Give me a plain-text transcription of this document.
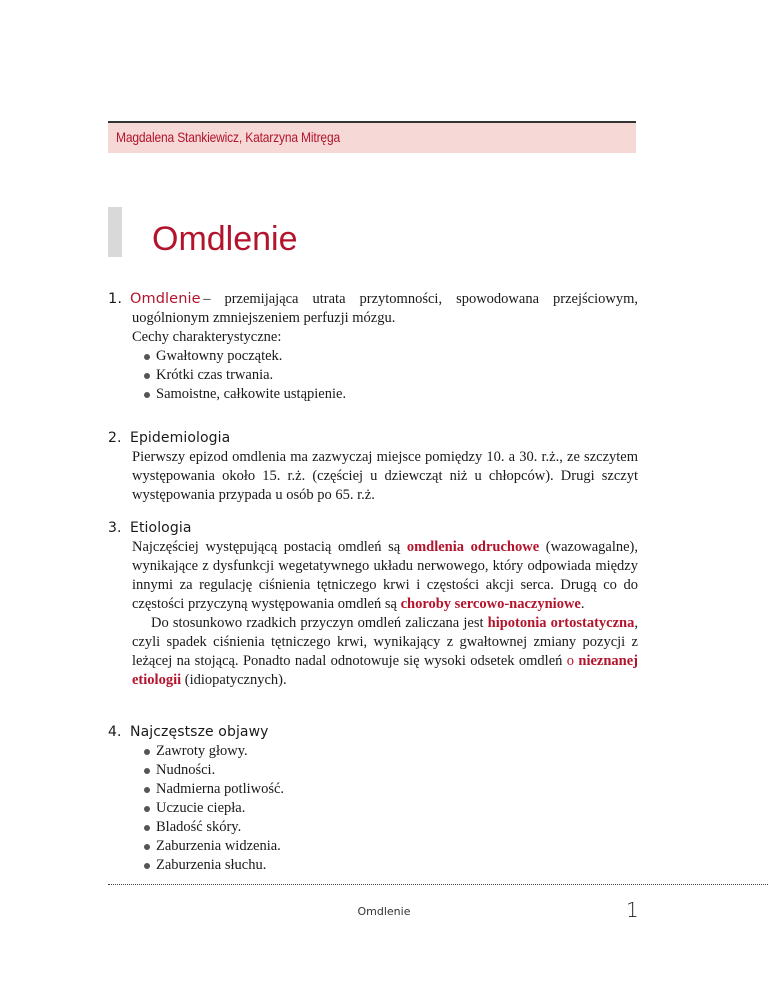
Magdalena Stankiewicz, Katarzyna Mitręga
Omdlenie
1. Omdlenie – przemijająca utrata przytomności, spowodowana przejściowym, uogólnionym zmniejszeniem perfuzji mózgu.

Cechy charakterystyczne:

Gwałtowny początek.
Krótki czas trwania.
Samoistne, całkowite ustąpienie.
2. Epidemiologia

Pierwszy epizod omdlenia ma zazwyczaj miejsce pomiędzy 10. a 30. r.ż., ze szczytem występowania około 15. r.ż. (częściej u dziewcząt niż u chłopców). Drugi szczyt występowania przypada u osób po 65. r.ż.

3. Etiologia

Najczęściej występującą postacią omdleń są omdlenia odruchowe (wazowagalne), wynikające z dysfunkcji wegetatywnego układu nerwowego, który odpowiada między innymi za regulację ciśnienia tętniczego krwi i częstości akcji serca. Drugą co do częstości przyczyną występowania omdleń są choroby sercowo-naczyniowe.

Do stosunkowo rzadkich przyczyn omdleń zaliczana jest hipotonia ortostatyczna, czyli spadek ciśnienia tętniczego krwi, wynikający z gwałtownej zmiany pozycji z leżącej na stojącą. Ponadto nadal odnotowuje się wysoki odsetek omdleń o nieznanej etiologii (idiopatycznych).

4. Najczęstsze objawy
Zawroty głowy.
Nudności.
Nadmierna potliwość.
Uczucie ciepła.
Bladość skóry.
Zaburzenia widzenia.
Zaburzenia słuchu.
Omdlenie	1
